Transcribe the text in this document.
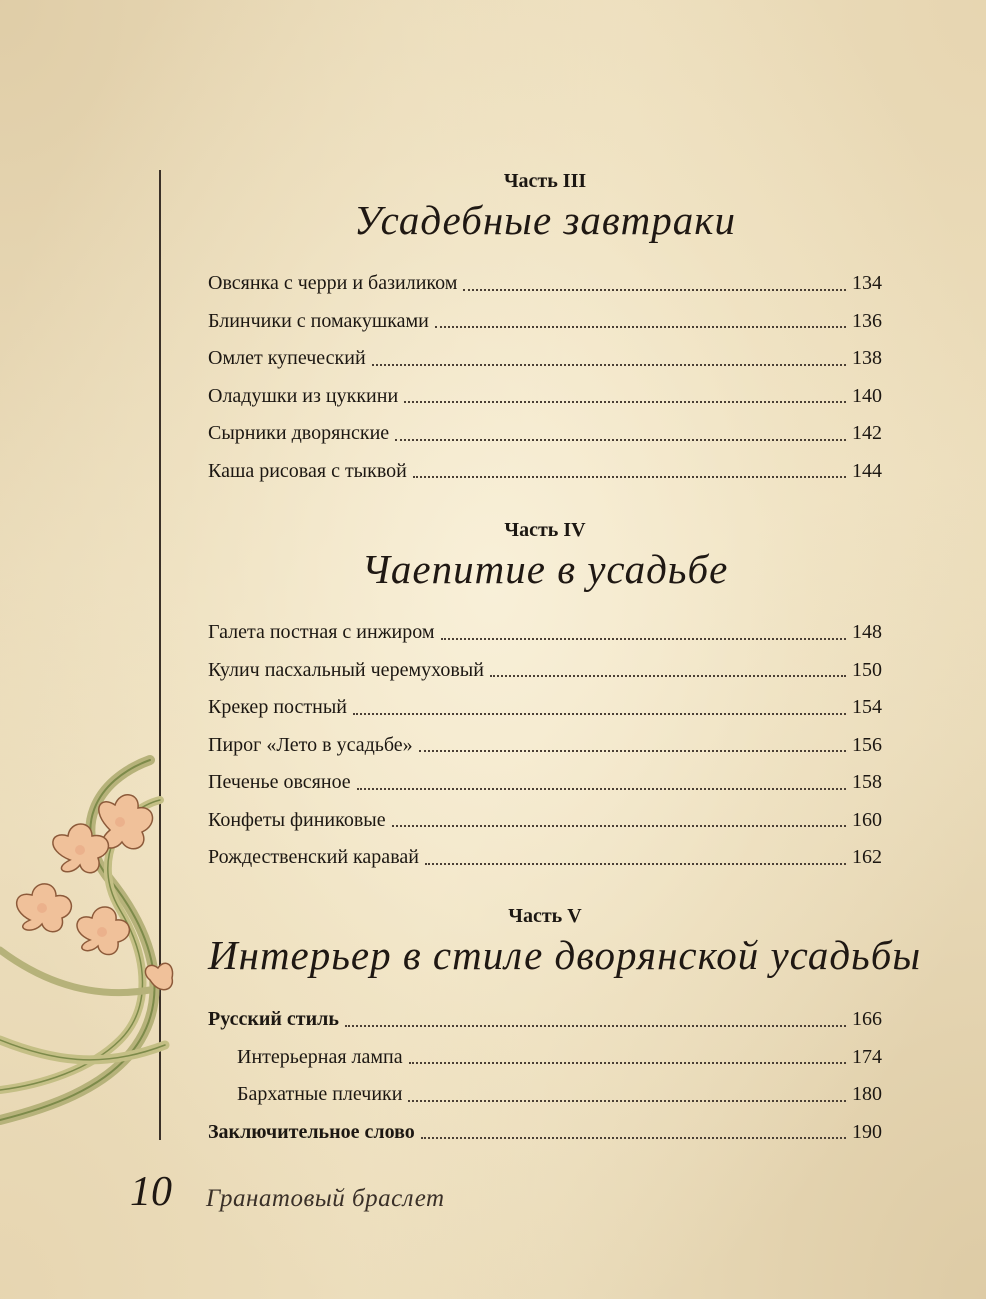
Часть III
Усадебные завтраки
Овсянка с черри и базиликом	134
Блинчики с помакушками	136
Омлет купеческий	138
Оладушки из цуккини	140
Сырники дворянские	142
Каша рисовая с тыквой	144
Часть IV
Чаепитие в усадьбе
Галета постная с инжиром	148
Кулич пасхальный черемуховый	150
Крекер постный	154
Пирог «Лето в усадьбе»	156
Печенье овсяное	158
Конфеты финиковые	160
Рождественский каравай	162
Часть V
Интерьер в стиле дворянской усадьбы
Русский стиль	166
Интерьерная лампа	174
Бархатные плечики	180
Заключительное слово	190
10 Гранатовый браслет
